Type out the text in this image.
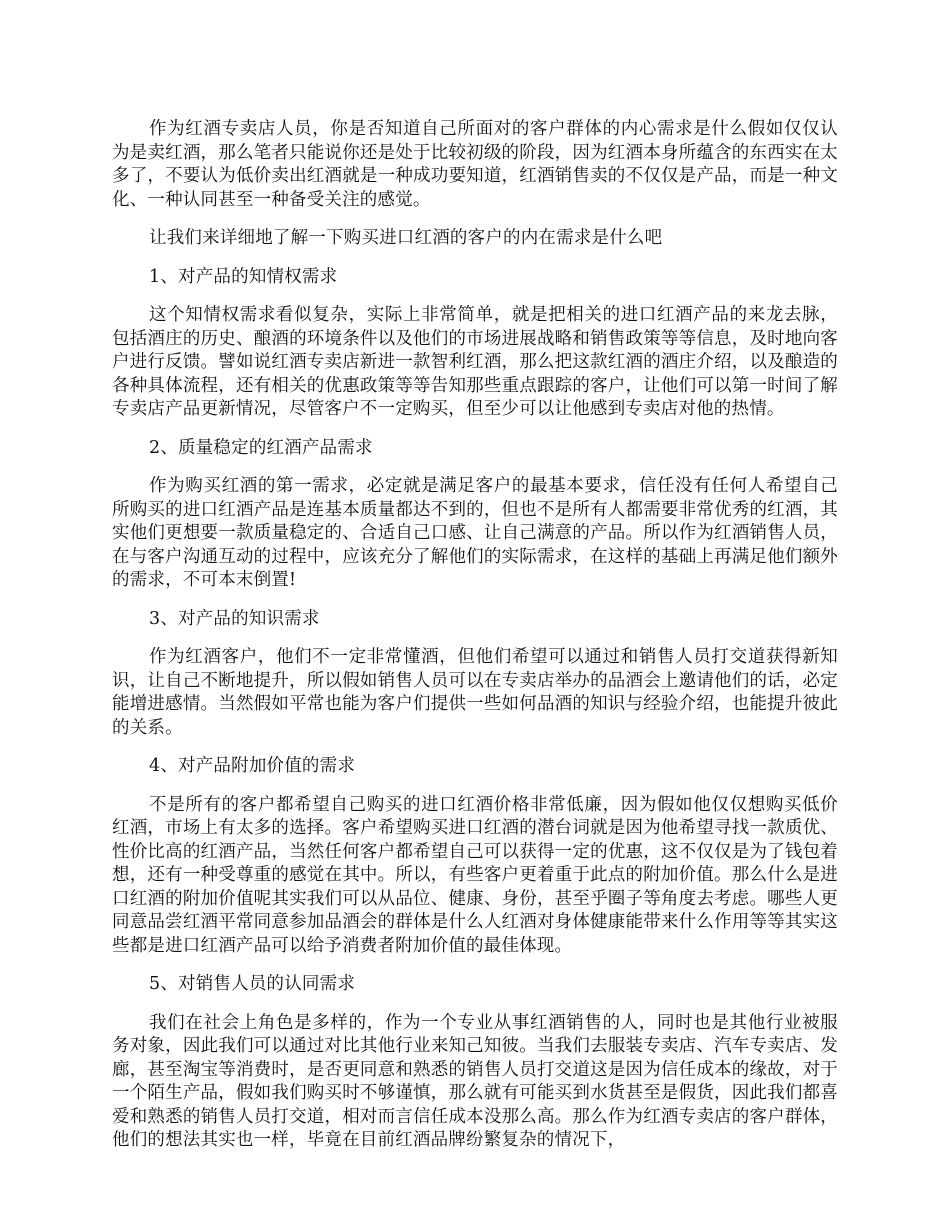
作为红酒专卖店人员，你是否知道自己所面对的客户群体的内心需求是什么假如仅仅认为是卖红酒，那么笔者只能说你还是处于比较初级的阶段，因为红酒本身所蕴含的东西实在太多了，不要认为低价卖出红酒就是一种成功要知道，红酒销售卖的不仅仅是产品，而是一种文化、一种认同甚至一种备受关注的感觉。

让我们来详细地了解一下购买进口红酒的客户的内在需求是什么吧

1、对产品的知情权需求

这个知情权需求看似复杂，实际上非常简单，就是把相关的进口红酒产品的来龙去脉，包括酒庄的历史、酿酒的环境条件以及他们的市场进展战略和销售政策等等信息，及时地向客户进行反馈。譬如说红酒专卖店新进一款智利红酒，那么把这款红酒的酒庄介绍，以及酿造的各种具体流程，还有相关的优惠政策等等告知那些重点跟踪的客户，让他们可以第一时间了解专卖店产品更新情况，尽管客户不一定购买，但至少可以让他感到专卖店对他的热情。

2、质量稳定的红酒产品需求

作为购买红酒的第一需求，必定就是满足客户的最基本要求，信任没有任何人希望自己所购买的进口红酒产品是连基本质量都达不到的，但也不是所有人都需要非常优秀的红酒，其实他们更想要一款质量稳定的、合适自己口感、让自己满意的产品。所以作为红酒销售人员，在与客户沟通互动的过程中，应该充分了解他们的实际需求，在这样的基础上再满足他们额外的需求，不可本末倒置!

3、对产品的知识需求

作为红酒客户，他们不一定非常懂酒，但他们希望可以通过和销售人员打交道获得新知识，让自己不断地提升，所以假如销售人员可以在专卖店举办的品酒会上邀请他们的话，必定能增进感情。当然假如平常也能为客户们提供一些如何品酒的知识与经验介绍，也能提升彼此的关系。

4、对产品附加价值的需求

不是所有的客户都希望自己购买的进口红酒价格非常低廉，因为假如他仅仅想购买低价红酒，市场上有太多的选择。客户希望购买进口红酒的潜台词就是因为他希望寻找一款质优、性价比高的红酒产品，当然任何客户都希望自己可以获得一定的优惠，这不仅仅是为了钱包着想，还有一种受尊重的感觉在其中。所以，有些客户更着重于此点的附加价值。那么什么是进口红酒的附加价值呢其实我们可以从品位、健康、身份，甚至乎圈子等角度去考虑。哪些人更同意品尝红酒平常同意参加品酒会的群体是什么人红酒对身体健康能带来什么作用等等其实这些都是进口红酒产品可以给予消费者附加价值的最佳体现。

5、对销售人员的认同需求

我们在社会上角色是多样的，作为一个专业从事红酒销售的人，同时也是其他行业被服务对象，因此我们可以通过对比其他行业来知己知彼。当我们去服装专卖店、汽车专卖店、发廊，甚至淘宝等消费时，是否更同意和熟悉的销售人员打交道这是因为信任成本的缘故，对于一个陌生产品，假如我们购买时不够谨慎，那么就有可能买到水货甚至是假货，因此我们都喜爱和熟悉的销售人员打交道，相对而言信任成本没那么高。那么作为红酒专卖店的客户群体，他们的想法其实也一样，毕竟在目前红酒品牌纷繁复杂的情况下，
